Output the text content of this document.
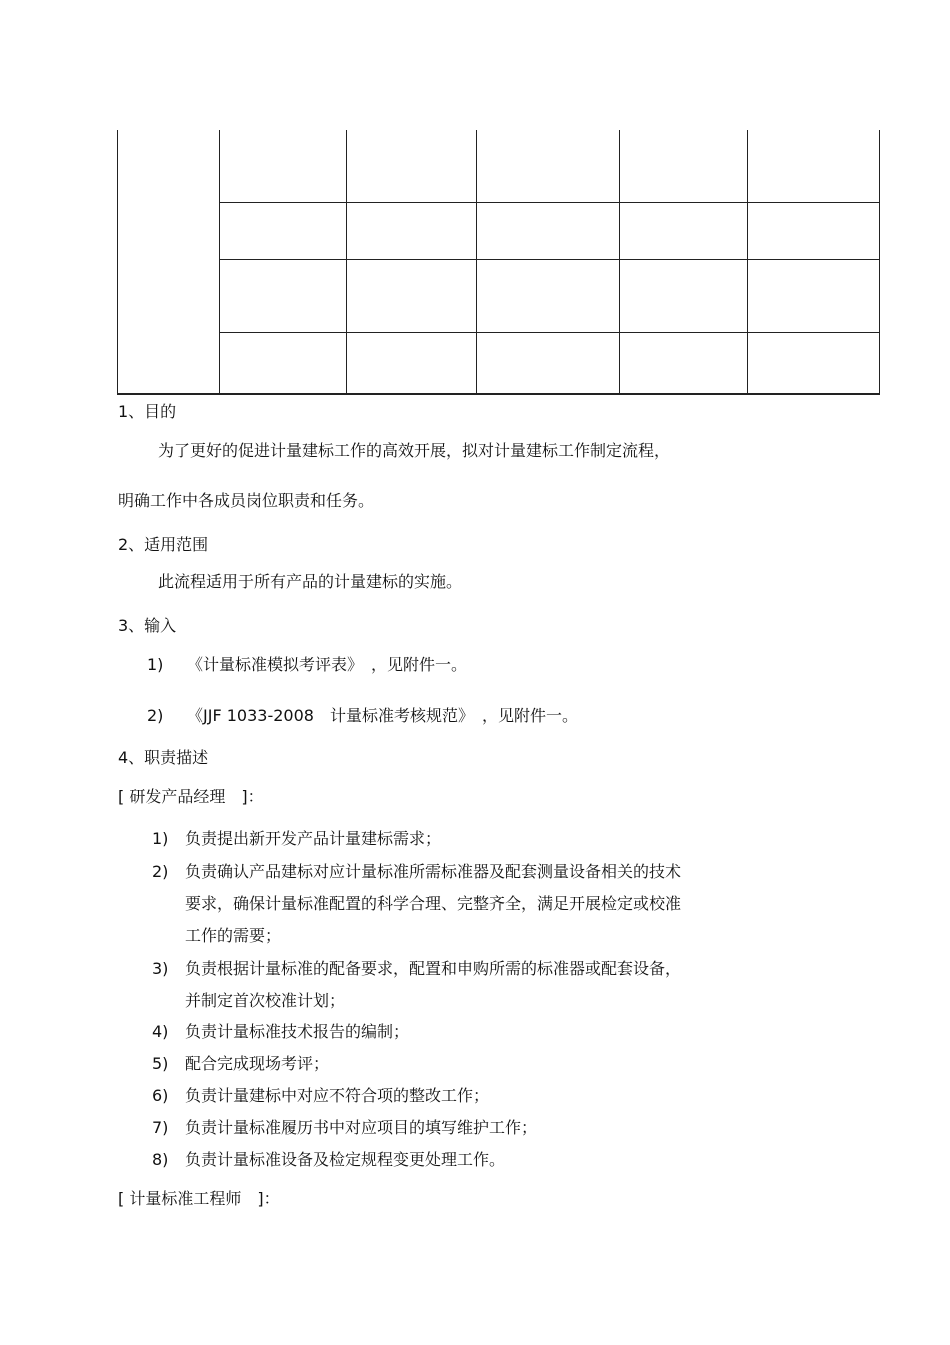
1、目的
为了更好的促进计量建标工作的高效开展，拟对计量建标工作制定流程，
明确工作中各成员岗位职责和任务。
2、适用范围
此流程适用于所有产品的计量建标的实施。
3、输入
1) 《计量标准模拟考评表》　，见附件一。
2) 《JJF 1033-2008　计量标准考核规范》　，见附件一。
4、职责描述
[ 研发产品经理　]：
1) 负责提出新开发产品计量建标需求；
2) 负责确认产品建标对应计量标准所需标准器及配套测量设备相关的技术
要求，确保计量标准配置的科学合理、完整齐全，满足开展检定或校准
工作的需要；
3) 负责根据计量标准的配备要求，配置和申购所需的标准器或配套设备，
并制定首次校准计划；
4) 负责计量标准技术报告的编制；
5) 配合完成现场考评；
6) 负责计量建标中对应不符合项的整改工作；
7) 负责计量标准履历书中对应项目的填写维护工作；
8) 负责计量标准设备及检定规程变更处理工作。
[ 计量标准工程师　]：
